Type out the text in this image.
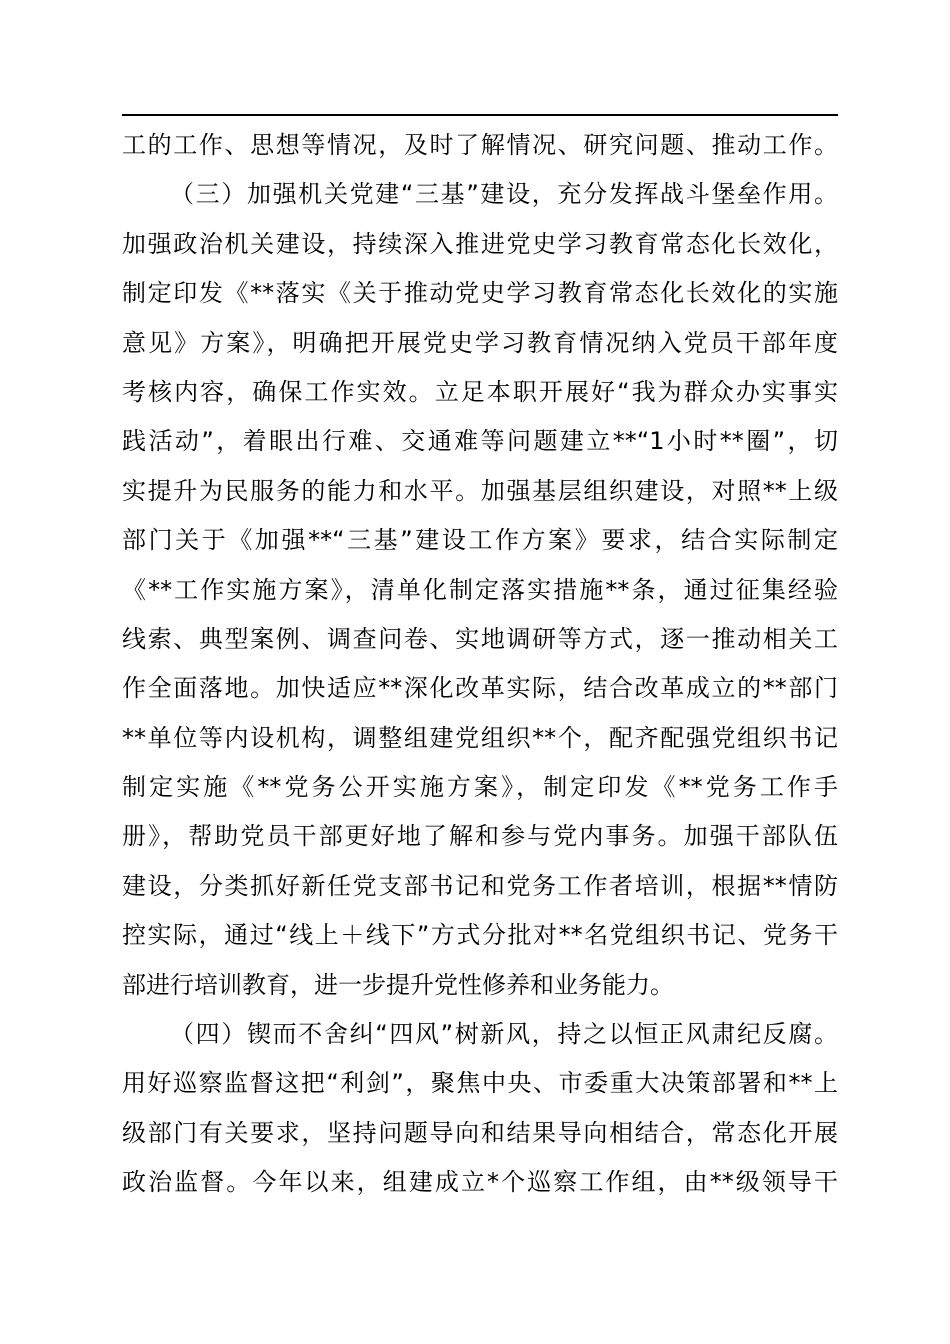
工的工作、思想等情况，及时了解情况、研究问题、推动工作。
（三）加强机关党建“三基”建设，充分发挥战斗堡垒作用。
加强政治机关建设，持续深入推进党史学习教育常态化长效化，
制定印发《**落实《关于推动党史学习教育常态化长效化的实施
意见》方案》，明确把开展党史学习教育情况纳入党员干部年度
考核内容，确保工作实效。立足本职开展好“我为群众办实事实
践活动”，着眼出行难、交通难等问题建立**“1小时**圈”，切
实提升为民服务的能力和水平。加强基层组织建设，对照**上级
部门关于《加强**“三基”建设工作方案》要求，结合实际制定
《**工作实施方案》，清单化制定落实措施**条，通过征集经验
线索、典型案例、调查问卷、实地调研等方式，逐一推动相关工
作全面落地。加快适应**深化改革实际，结合改革成立的**部门
**单位等内设机构，调整组建党组织**个，配齐配强党组织书记
制定实施《**党务公开实施方案》，制定印发《**党务工作手
册》，帮助党员干部更好地了解和参与党内事务。加强干部队伍
建设，分类抓好新任党支部书记和党务工作者培训，根据**情防
控实际，通过“线上＋线下”方式分批对**名党组织书记、党务干
部进行培训教育，进一步提升党性修养和业务能力。
（四）锲而不舍纠“四风”树新风，持之以恒正风肃纪反腐。
用好巡察监督这把“利剑”，聚焦中央、市委重大决策部署和**上
级部门有关要求，坚持问题导向和结果导向相结合，常态化开展
政治监督。今年以来，组建成立*个巡察工作组，由**级领导干
